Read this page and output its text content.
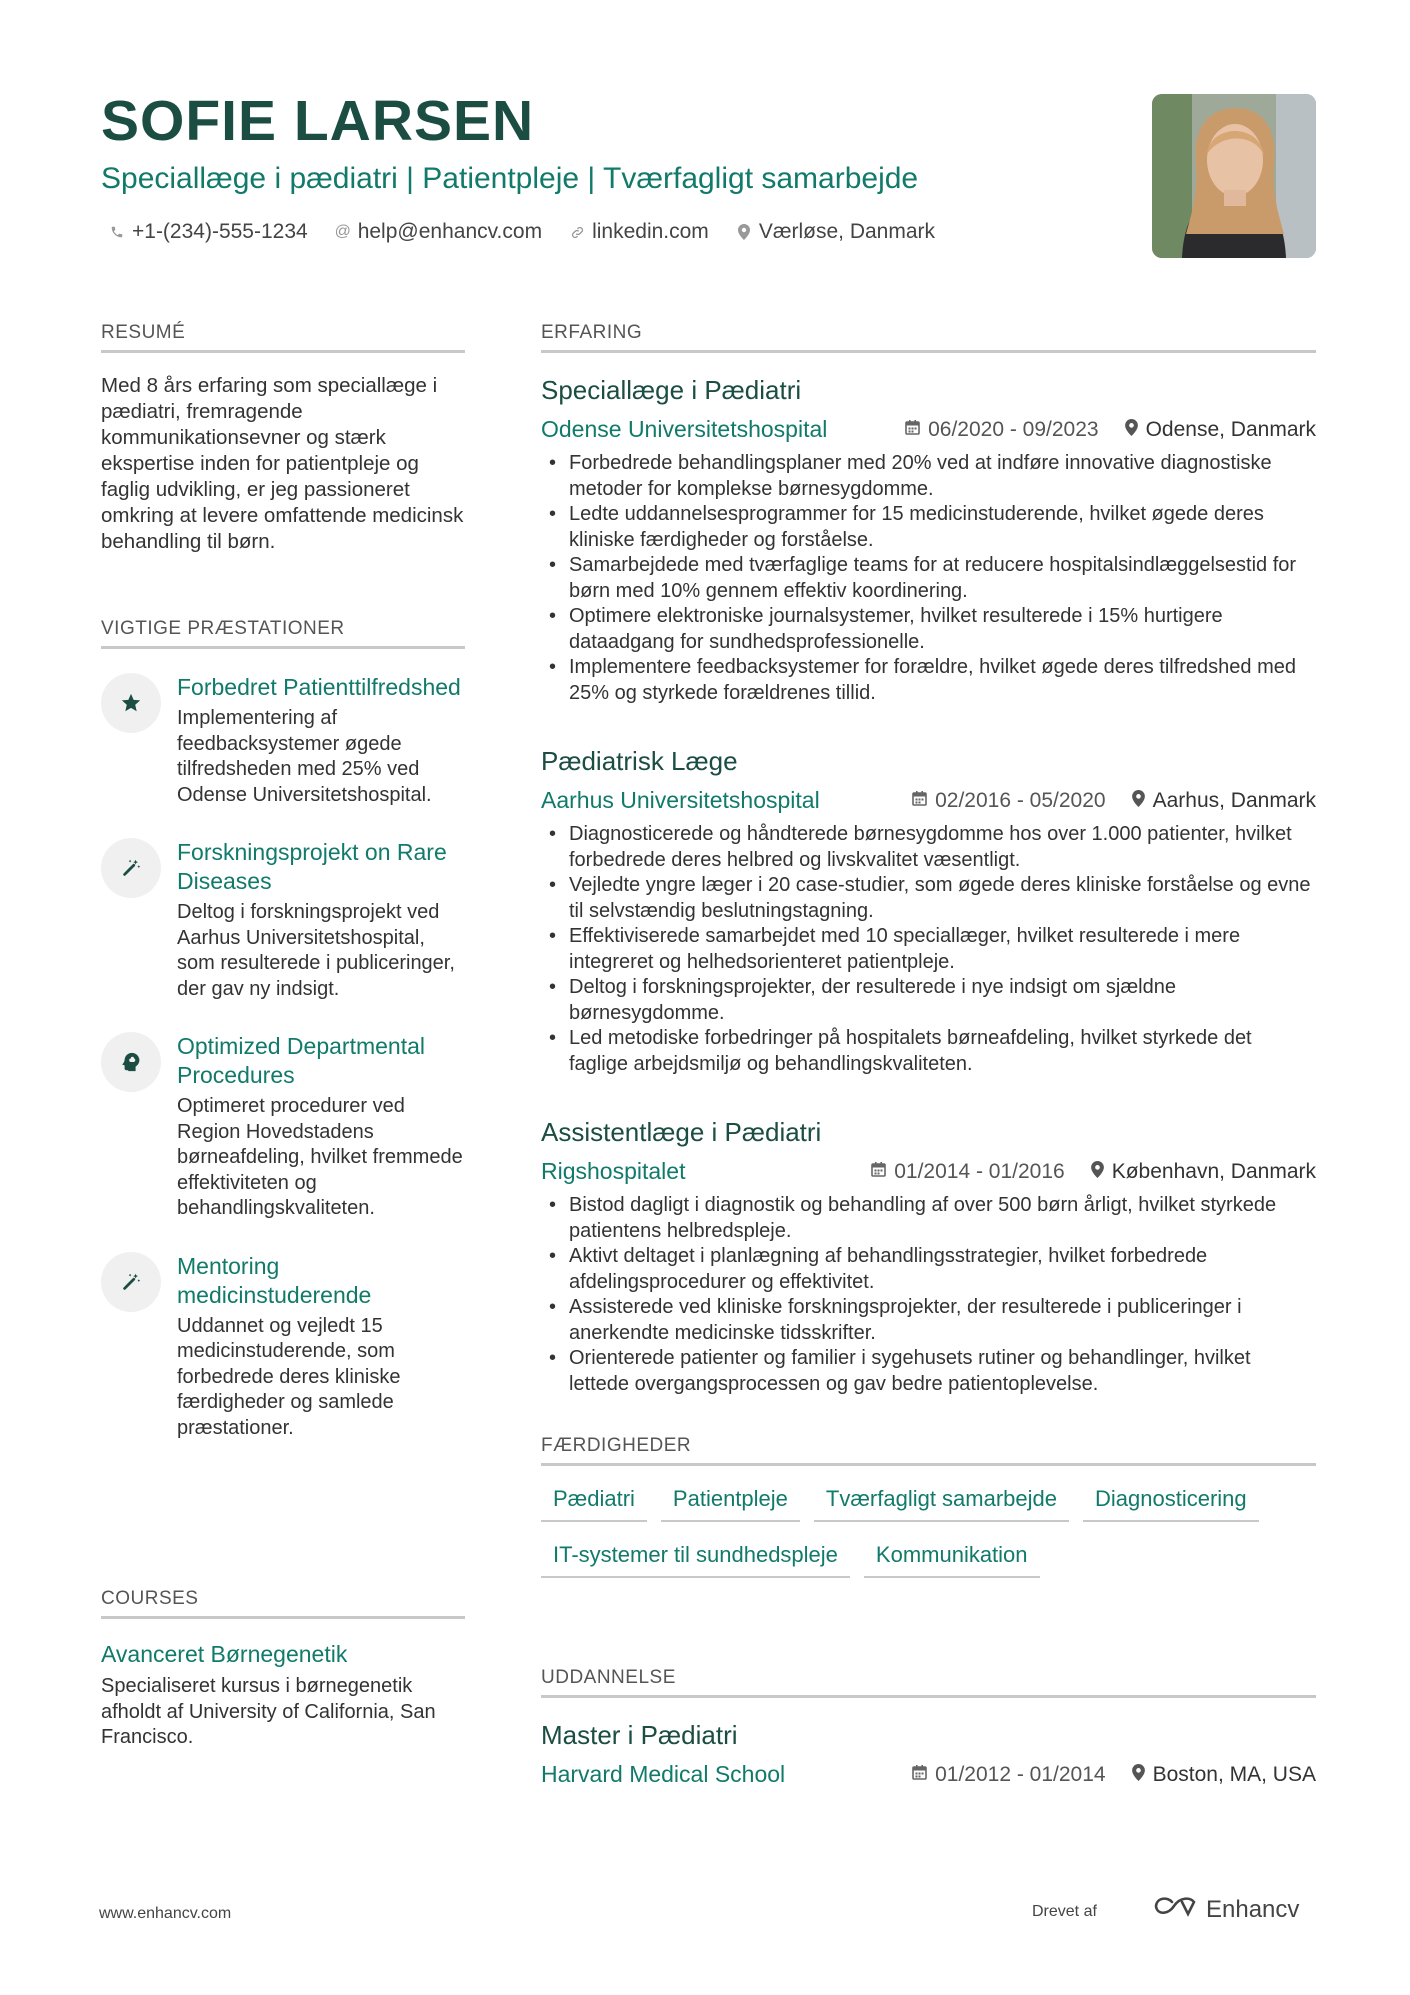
SOFIE LARSEN
Speciallæge i pædiatri | Patientpleje | Tværfagligt samarbejde
+1-(234)-555-1234 @ help@enhancv.com linkedin.com Værløse, Danmark
RESUMÉ
Med 8 års erfaring som speciallæge i pædiatri, fremragende kommunikationsevner og stærk ekspertise inden for patientpleje og faglig udvikling, er jeg passioneret omkring at levere omfattende medicinsk behandling til børn.
VIGTIGE PRÆSTATIONER
Forbedret Patienttilfredshed
Implementering af feedbacksystemer øgede tilfredsheden med 25% ved Odense Universitetshospital.
Forskningsprojekt on Rare Diseases
Deltog i forskningsprojekt ved Aarhus Universitetshospital, som resulterede i publiceringer, der gav ny indsigt.
Optimized Departmental Procedures
Optimeret procedurer ved Region Hovedstadens børneafdeling, hvilket fremmede effektiviteten og behandlingskvaliteten.
Mentoring medicinstuderende
Uddannet og vejledt 15 medicinstuderende, som forbedrede deres kliniske færdigheder og samlede præstationer.
COURSES
Avanceret Børnegenetik
Specialiseret kursus i børnegenetik afholdt af University of California, San Francisco.
ERFARING
Speciallæge i Pædiatri
Odense Universitetshospital	06/2020 - 09/2023 Odense, Danmark
• Forbedrede behandlingsplaner med 20% ved at indføre innovative diagnostiske metoder for komplekse børnesygdomme.
• Ledte uddannelsesprogrammer for 15 medicinstuderende, hvilket øgede deres kliniske færdigheder og forståelse.
• Samarbejdede med tværfaglige teams for at reducere hospitalsindlæggelsestid for børn med 10% gennem effektiv koordinering.
• Optimere elektroniske journalsystemer, hvilket resulterede i 15% hurtigere dataadgang for sundhedsprofessionelle.
• Implementere feedbacksystemer for forældre, hvilket øgede deres tilfredshed med 25% og styrkede forældrenes tillid.
Pædiatrisk Læge
Aarhus Universitetshospital	02/2016 - 05/2020 Aarhus, Danmark
• Diagnosticerede og håndterede børnesygdomme hos over 1.000 patienter, hvilket forbedrede deres helbred og livskvalitet væsentligt.
• Vejledte yngre læger i 20 case-studier, som øgede deres kliniske forståelse og evne til selvstændig beslutningstagning.
• Effektiviserede samarbejdet med 10 speciallæger, hvilket resulterede i mere integreret og helhedsorienteret patientpleje.
• Deltog i forskningsprojekter, der resulterede i nye indsigt om sjældne børnesygdomme.
• Led metodiske forbedringer på hospitalets børneafdeling, hvilket styrkede det faglige arbejdsmiljø og behandlingskvaliteten.
Assistentlæge i Pædiatri
Rigshospitalet	01/2014 - 01/2016 København, Danmark
• Bistod dagligt i diagnostik og behandling af over 500 børn årligt, hvilket styrkede patientens helbredspleje.
• Aktivt deltaget i planlægning af behandlingsstrategier, hvilket forbedrede afdelingsprocedurer og effektivitet.
• Assisterede ved kliniske forskningsprojekter, der resulterede i publiceringer i anerkendte medicinske tidsskrifter.
• Orienterede patienter og familier i sygehusets rutiner og behandlinger, hvilket lettede overgangsprocessen og gav bedre patientoplevelse.
FÆRDIGHEDER
Pædiatri	Patientpleje	Tværfagligt samarbejde	Diagnosticering
IT-systemer til sundhedspleje	Kommunikation
UDDANNELSE
Master i Pædiatri
Harvard Medical School	01/2012 - 01/2014 Boston, MA, USA
www.enhancv.com	Drevet af	Enhancv
